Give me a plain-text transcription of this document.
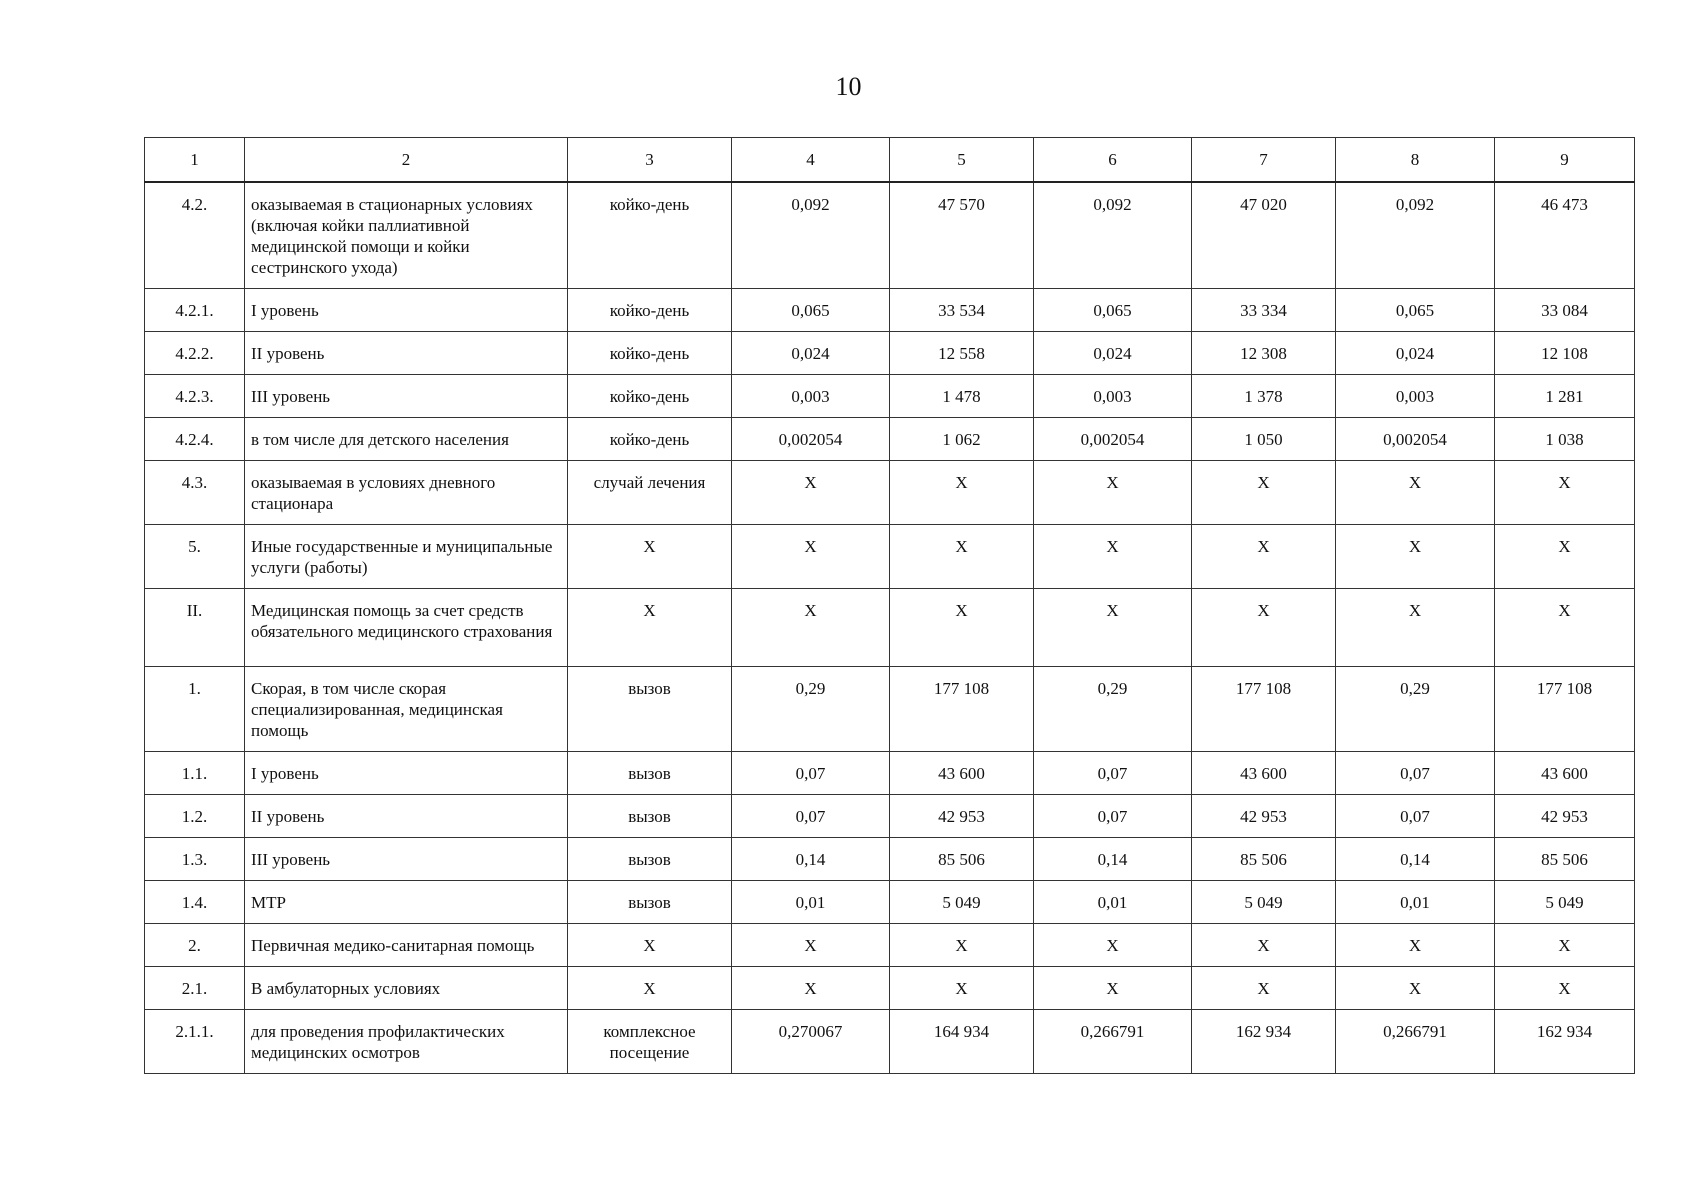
10
1	2	3	4	5	6	7	8	9
4.2.	оказываемая в стационарных условиях (включая койки паллиативной медицинской помощи и койки сестринского ухода)	койко-день	0,092	47 570	0,092	47 020	0,092	46 473
4.2.1.	I уровень	койко-день	0,065	33 534	0,065	33 334	0,065	33 084
4.2.2.	II уровень	койко-день	0,024	12 558	0,024	12 308	0,024	12 108
4.2.3.	III уровень	койко-день	0,003	1 478	0,003	1 378	0,003	1 281
4.2.4.	в том числе для детского населения	койко-день	0,002054	1 062	0,002054	1 050	0,002054	1 038
4.3.	оказываемая в условиях дневного стационара	случай лечения	X	X	X	X	X	X
5.	Иные государственные и муниципальные услуги (работы)	X	X	X	X	X	X	X
II.	Медицинская помощь за счет средств обязательного медицинского страхования	X	X	X	X	X	X	X
1.	Скорая, в том числе скорая специализированная, медицинская помощь	вызов	0,29	177 108	0,29	177 108	0,29	177 108
1.1.	I уровень	вызов	0,07	43 600	0,07	43 600	0,07	43 600
1.2.	II уровень	вызов	0,07	42 953	0,07	42 953	0,07	42 953
1.3.	III уровень	вызов	0,14	85 506	0,14	85 506	0,14	85 506
1.4.	МТР	вызов	0,01	5 049	0,01	5 049	0,01	5 049
2.	Первичная медико-санитарная помощь	X	X	X	X	X	X	X
2.1.	В амбулаторных условиях	X	X	X	X	X	X	X
2.1.1.	для проведения профилактических медицинских осмотров	комплексное посещение	0,270067	164 934	0,266791	162 934	0,266791	162 934
